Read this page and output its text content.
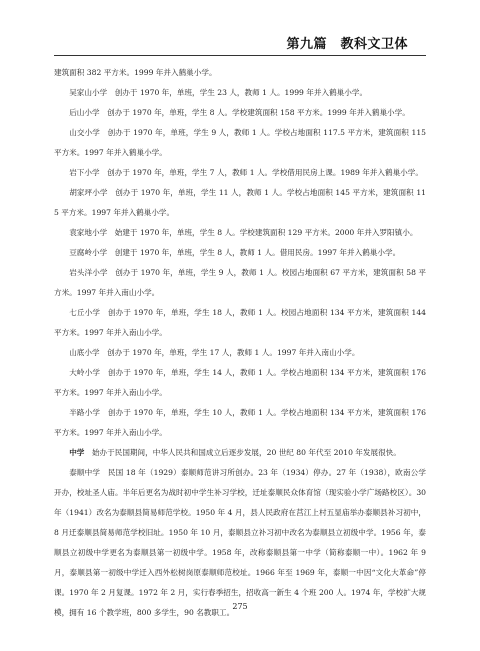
第九篇　教科文卫体

建筑面积 382 平方米。1999 年并入鹤巢小学。

吴家山小学　创办于 1970 年，单班，学生 23 人，教师 1 人。1999 年并入鹤巢小学。

后山小学　创办于 1970 年，单班，学生 8 人。学校建筑面积 158 平方米。1999 年并入鹤巢小学。

山交小学　创办于 1970 年，单班，学生 9 人，教师 1 人。学校占地面积 117.5 平方米，建筑面积 115 平方米。1997 年并入鹤巢小学。

岩下小学　创办于 1970 年，单班，学生 7 人，教师 1 人。学校借用民房上课。1989 年并入鹤巢小学。

胡家坪小学　创办于 1970 年，单班，学生 11 人，教师 1 人。学校占地面积 145 平方米，建筑面积 115 平方米。1997 年并入鹤巢小学。

袁家地小学　始建于 1970 年，单班，学生 8 人。学校建筑面积 129 平方米。2000 年并入罗阳镇小。

豆腐岭小学　创建于 1970 年，单班，学生 8 人，教师 1 人。借用民房。1997 年并入鹤巢小学。

岩头洋小学　创办于 1970 年，单班，学生 9 人，教师 1 人。校园占地面积 67 平方米，建筑面积 58 平方米。1997 年并入南山小学。

七丘小学　创办于 1970 年，单班，学生 18 人，教师 1 人。校园占地面积 134 平方米，建筑面积 144 平方米。1997 年并入南山小学。

山底小学　创办于 1970 年，单班，学生 17 人，教师 1 人。1997 年并入南山小学。

大岭小学　创办于 1970 年，单班，学生 14 人，教师 1 人。学校占地面积 134 平方米，建筑面积 176 平方米。1997 年并入南山小学。

半路小学　创办于 1970 年，单班，学生 10 人，教师 1 人。学校占地面积 134 平方米，建筑面积 176 平方米。1997 年并入南山小学。

中学　始办于民国期间，中华人民共和国成立后逐步发展，20 世纪 80 年代至 2010 年发展很快。

泰顺中学　民国 18 年（1929）泰顺师范讲习所创办。23 年（1934）停办。27 年（1938），欧南公学开办，校址圣人庙。半年后更名为战时初中学生补习学校，迁址泰顺民众体育馆（现实验小学广场路校区）。30 年（1941）改名为泰顺县简易师范学校。1950 年 4 月，县人民政府在莒江上村五显庙举办泰顺县补习初中，8 月迁泰顺县简易师范学校旧址。1950 年 10 月，泰顺县立补习初中改名为泰顺县立初级中学。1956 年，泰顺县立初级中学更名为泰顺县第一初级中学。1958 年，改称泰顺县第一中学（简称泰顺一中）。1962 年 9 月，泰顺县第一初级中学迁入西外松树岗原泰顺师范校址。1966 年至 1969 年，泰顺一中因“文化大革命”停课。1970 年 2 月复课。1972 年 2 月，实行春季招生，招收高一新生 4 个班 200 人。1974 年，学校扩大规模，拥有 16 个教学班，800 多学生，90 名教职工。

275
